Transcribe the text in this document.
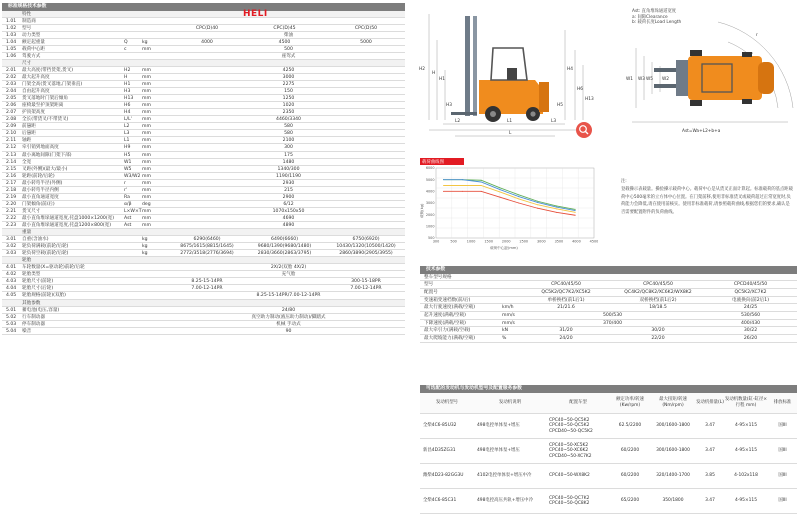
标准规格技术参数
特性
1.01 制造商
1.02 型号	CPC(D)40	CPC(D)45	CPC(D)50
1.03 动力类型	柴油
1.04 额定起重量	Q	kg	4000	4500	5000
1.05 载荷中心距	c	mm	500
1.06 驾驶方式	座驾式
尺寸
2.01 最大高度(带挡货架,货叉)	H2	mm	4250
2.02 最大起升高度	H	mm	3000
2.03 门架全高(货叉落地,门架垂直)	H1	mm	2275
2.04 自由起升高度	H3	mm	150
2.05 货叉落地时门架后倾角	H13 mm	1250
2.06 座椅最至护顶架距离	H6	mm	1020
2.07 护顶架高度	H4	mm	2350
2.08 全长(带货叉/不带货叉)	L/L' mm	4460/3340
2.09 前悬距	L2	mm	580
2.10 后悬距	L3	mm	580
2.11 轴距	L1	mm	2100
2.12 牵引销到地面高度	H9	mm	300
2.13 最小离地间隙(门架下部)	H5	mm	175
2.14 全宽	W1 mm	1480
2.15 叉距(外侧)(最大/最小)	W5 mm	1340/300
2.16 轮距(前轮/后轮)	W3/W2 mm	1190/1190
2.17 最小转弯半径(外侧)	r	mm	2930
2.18 最小转弯半径内侧	r'	mm	215
2.19 最小直角通道宽度	Ra	mm	2900
2.20 门架倾角(前/后)	α/β deg	6/12
2.21 货叉尺寸	L×W×T mm	1070x150x50
2.22 最小直角堆垛通道宽度,托盘1000×1200(宽) Ast mm	4690
2.23 最小直角堆垛通道宽度,托盘1200×800(宽)	Ast mm	4890
重量
3.01 自重(含油水)	kg	6290(6460)	6490(6660)	6750(6920)
3.02 轮负荷满载(前轮/后轮)	kg	8675/1615(8815/1645)	9680/1390(9680/1480)	10430/1320(10500/1420)
3.03 轮负荷空载(前轮/后轮)	kg	2772/3518(2776/3694)	2830/3660(2863/3795)	2860/3890(2905/3955)
轮胎
4.01 车轮数量(X=驱动轮)前轮/后轮	2X/2(双胎 4X/2)
4.02 轮胎类型	充气胎
4.03 轮胎尺寸(前轮)	8.25-15-14PR	300-15-18PR
4.04 轮胎尺寸(后轮)	7.00-12-14PR	7.00-12-14PR
4.05 轮胎规格(前轮)(双胎)	8.25-15-14PR/7.00-12-14PR
其他参数
5.01 蓄电池(电压,容量)	24/80
5.02 行车制动器	真空助力制动(液压助力制动)/脚踏式
5.03 停车制动器	机械 手动式
5.04 噪音	90
HELI
H2
H
H1
H4
H3
H6
H5
H13
L2	L1	L3
L
W1 W3 W5 W2
r
r'
Ast=Wa+L2+b+a
Ast: 直角堆垛通道宽度
a: 间隙Clearance
b: 载荷长度Load Length
载荷曲线图
6000
5000
4000
3000
2000
1000
500
300	500	1000	1500	2000	2500	3000	3500	4000	4500
载荷(kg)
载荷中心距(mm)
注:
登载操示表载量。操验操示载荷中心。载荷中心是从货叉正面计算起。标准载荷的基点距载荷中心500毫米的立方体中心位置。在门架前移,使用非标准货叉或载荷超过正常宽度时,负荷能力会降低,请在使用前核实。使用非标准载荷,请参照载荷曲线,根据您们的要求,确认是否需要配置附件的负荷曲线。
技术参数
整车型号规格
型号	CPC40/45/50	CPC40/45/50	CPCD40/45/50
配置号	QC5K2/QC7K2/XC5K2	QC4K2/QC8K2/XC6K2/WX8K2	QC5K2/XC7K2
变速箱变速档数(前/后)	单桥换档(前1后1)	双桥换档(前1后2)	电液换向(前2后1)
最大行驶速度(满载/空载)	km/h	21/21.6	18/18.5	24/25
起升速度(满载/空载)	mm/s	500/530	530/560
下降速度(满载/空载)	mm/s	370/400	400/430
最大牵引力(满载/空载)	kN	31/20	30/20	30/22
最大爬坡能力(满载/空载)	%	24/20	22/20	26/20
可选配的发动机与发动机型号及配置服务参数
发动机型号	发动机说明	配置车型	额定功率/转速(Kw/rpm)	最大扭矩/转速(Nm/rpm)	发动机排量(L)	发动机数量(缸-缸径×行程 mm)	排放标准
全柴4C6-85U32	498电控单体泵+增压	CPC40~50-QC5K2
CPC40~50-QC5K2
CPCD40~50-QC5K2	62.5/2200	300/1600-1800	3.47	4-95×115	国III
新昌4D35ZG31	498电控单体泵+增压	CPC40~50-XC5K2
CPC40~50-XC6K2
CPCD40~50-XC7K2	60/2200	300/1600-1800	3.47	4-95×115	国III
潍柴4D23-82GG3U	4102电控单体泵+增压中冷	CPC40~50-WX8K2	60/2200	320/1400-1700	3.85	4-102x118	国III
全柴4C6-85C31	498电控高压共轨+增压中冷	CPC40~50-QC7K2
CPC40~50-QC8K2	65/2200	350/1800	3.47	4-95×115	国III
